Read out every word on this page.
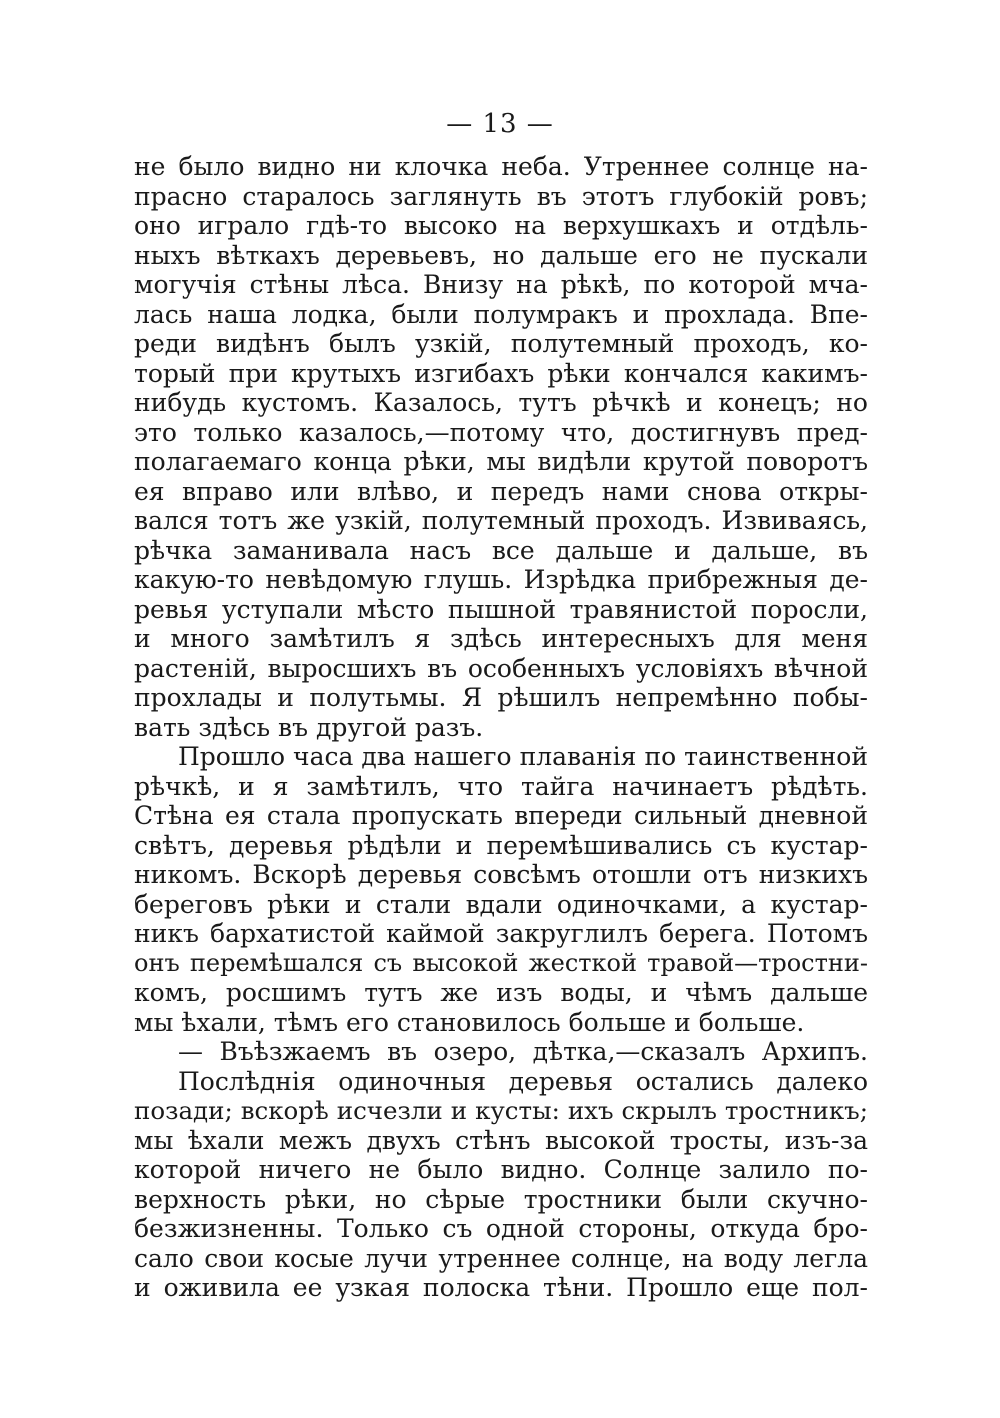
— 13 —
не было видно ни клочка неба. Утреннее солнце на-
прасно старалось заглянуть въ этотъ глубокій ровъ;
оно играло гдѣ-то высоко на верхушкахъ и отдѣль-
ныхъ вѣткахъ деревьевъ, но дальше его не пускали
могучія стѣны лѣса. Внизу на рѣкѣ, по которой мча-
лась наша лодка, были полумракъ и прохлада. Впе-
реди видѣнъ былъ узкій, полутемный проходъ, ко-
торый при крутыхъ изгибахъ рѣки кончался какимъ-
нибудь кустомъ. Казалось, тутъ рѣчкѣ и конецъ; но
это только казалось,—потому что, достигнувъ пред-
полагаемаго конца рѣки, мы видѣли крутой поворотъ
ея вправо или влѣво, и передъ нами снова откры-
вался тотъ же узкій, полутемный проходъ. Извиваясь,
рѣчка заманивала насъ все дальше и дальше, въ
какую-то невѣдомую глушь. Изрѣдка прибрежныя де-
ревья уступали мѣсто пышной травянистой поросли,
и много замѣтилъ я здѣсь интересныхъ для меня
растеній, выросшихъ въ особенныхъ условіяхъ вѣчной
прохлады и полутьмы. Я рѣшилъ непремѣнно побы-
вать здѣсь въ другой разъ.
Прошло часа два нашего плаванія по таинственной
рѣчкѣ, и я замѣтилъ, что тайга начинаетъ рѣдѣть.
Стѣна ея стала пропускать впереди сильный дневной
свѣтъ, деревья рѣдѣли и перемѣшивались съ кустар-
никомъ. Вскорѣ деревья совсѣмъ отошли отъ низкихъ
береговъ рѣки и стали вдали одиночками, а кустар-
никъ бархатистой каймой закруглилъ берега. Потомъ
онъ перемѣшался съ высокой жесткой травой—тростни-
комъ, росшимъ тутъ же изъ воды, и чѣмъ дальше
мы ѣхали, тѣмъ его становилось больше и больше.
— Въѣзжаемъ въ озеро, дѣтка,—сказалъ Архипъ.
Послѣднія одиночныя деревья остались далеко
позади; вскорѣ исчезли и кусты: ихъ скрылъ тростникъ;
мы ѣхали межъ двухъ стѣнъ высокой тросты, изъ-за
которой ничего не было видно. Солнце залило по-
верхность рѣки, но сѣрые тростники были скучно-
безжизненны. Только съ одной стороны, откуда бро-
сало свои косые лучи утреннее солнце, на воду легла
и оживила ее узкая полоска тѣни. Прошло еще пол-
